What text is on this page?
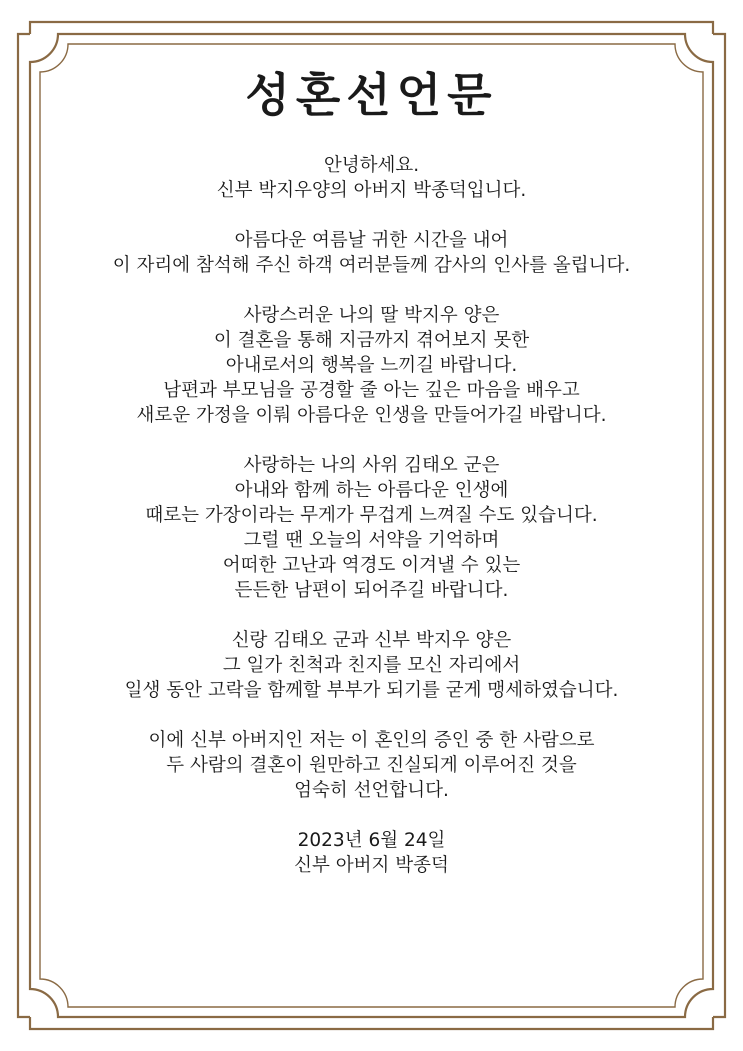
성혼선언문
안녕하세요.
신부 박지우양의 아버지 박종덕입니다.
아름다운 여름날 귀한 시간을 내어
이 자리에 참석해 주신 하객 여러분들께 감사의 인사를 올립니다.
사랑스러운 나의 딸 박지우 양은
이 결혼을 통해 지금까지 겪어보지 못한
아내로서의 행복을 느끼길 바랍니다.
남편과 부모님을 공경할 줄 아는 깊은 마음을 배우고
새로운 가정을 이뤄 아름다운 인생을 만들어가길 바랍니다.
사랑하는 나의 사위 김태오 군은
아내와 함께 하는 아름다운 인생에
때로는 가장이라는 무게가 무겁게 느껴질 수도 있습니다.
그럴 땐 오늘의 서약을 기억하며
어떠한 고난과 역경도 이겨낼 수 있는
든든한 남편이 되어주길 바랍니다.
신랑 김태오 군과 신부 박지우 양은
그 일가 친척과 친지를 모신 자리에서
일생 동안 고락을 함께할 부부가 되기를 굳게 맹세하였습니다.
이에 신부 아버지인 저는 이 혼인의 증인 중 한 사람으로
두 사람의 결혼이 원만하고 진실되게 이루어진 것을
엄숙히 선언합니다.
2023년 6월 24일
신부 아버지 박종덕
